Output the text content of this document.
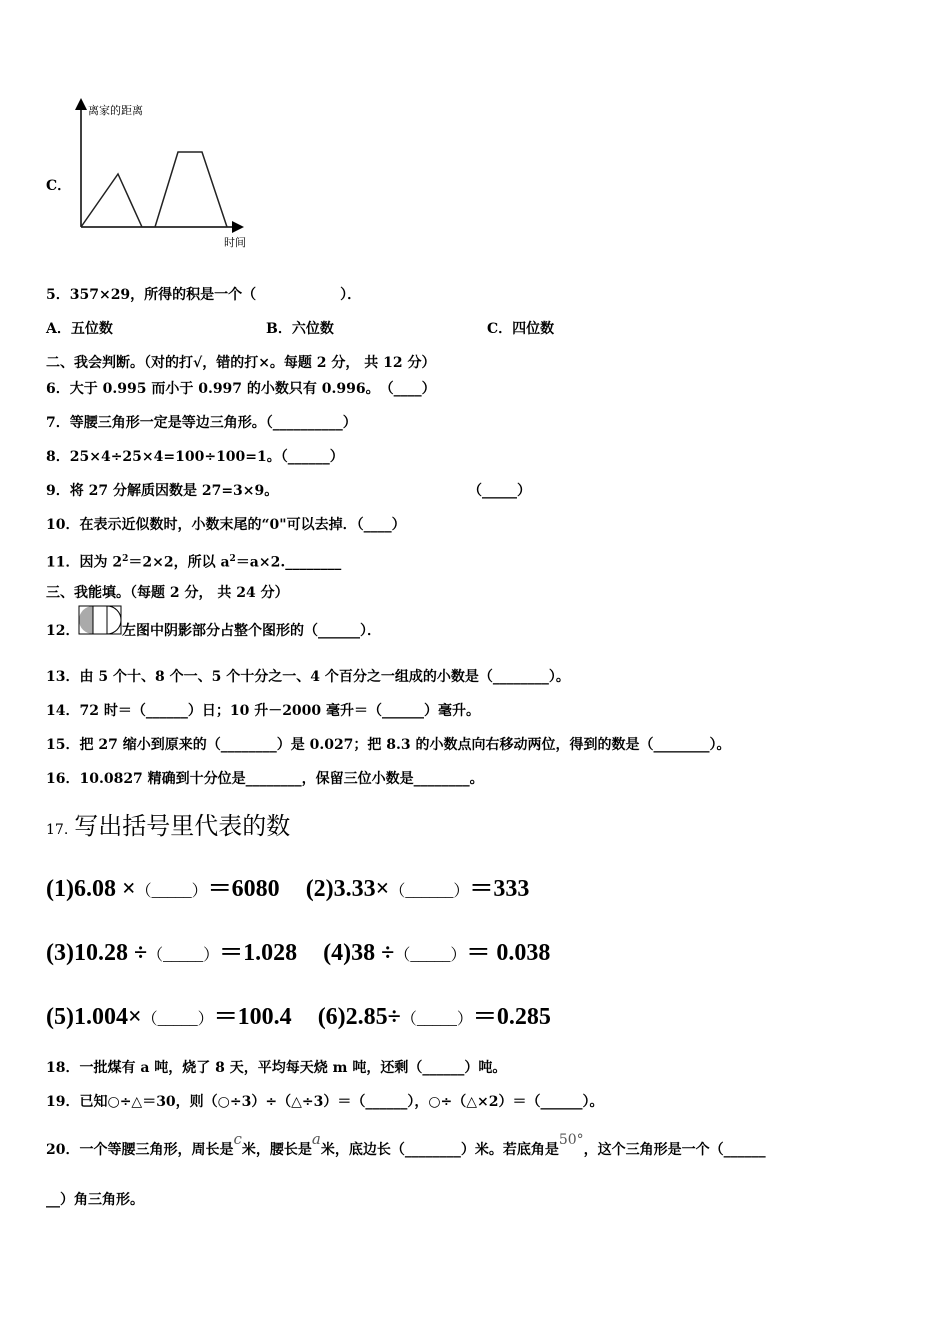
C．
离家的距离
时间
5．357×29，所得的积是一个（　　　　　　）．
A．五位数	B．六位数	C．四位数
二、我会判断。（对的打√，错的打×。每题 2 分， 共 12 分）
6．大于 0.995 而小于 0.997 的小数只有 0.996。　（____）
7．等腰三角形一定是等边三角形。（__________）
8．25×4÷25×4=100÷100=1。（______）
9．将 27 分解质因数是 27=3×9。	（_____）
10．在表示近似数时，小数末尾的“0"可以去掉．（____）
11．因为 $2^2=2\times 2$，所以 $a^2=a\times 2.\_\_\_\_\_\_\_\_$
三、我能填。（每题 2 分， 共 24 分）
12．	左图中阴影部分占整个图形的（______）．
13．由 5 个十、8 个一、5 个十分之一、4 个百分之一组成的小数是（________）。
14．72 时＝（______）日；10 升－2000 毫升＝（______）毫升。
15．把 27 缩小到原来的（________）是 0.027；把 8.3 的小数点向右移动两位，得到的数是（________）。
16．10.0827 精确到十分位是________，保留三位小数是________。
17. 写出括号里代表的数
(1)6.08 ×（_____）＝6080 (2)3.33×（______）＝333
(3)10.28 ÷（_____）＝1.028 (4)38 ÷（_____）＝ 0.038
(5)1.004×（_____）＝100.4 (6)2.85÷（_____）＝0.285
18．一批煤有 a 吨，烧了 8 天，平均每天烧 m 吨，还剩（______）吨。
19．已知○÷△＝30，则（○÷3）÷（△÷3）＝（______），○÷（△×2）＝（______）。
20．一个等腰三角形，周长是c米，腰长是a米，底边长（________）米。若底角是50°，这个三角形是一个（______
__）角三角形。
